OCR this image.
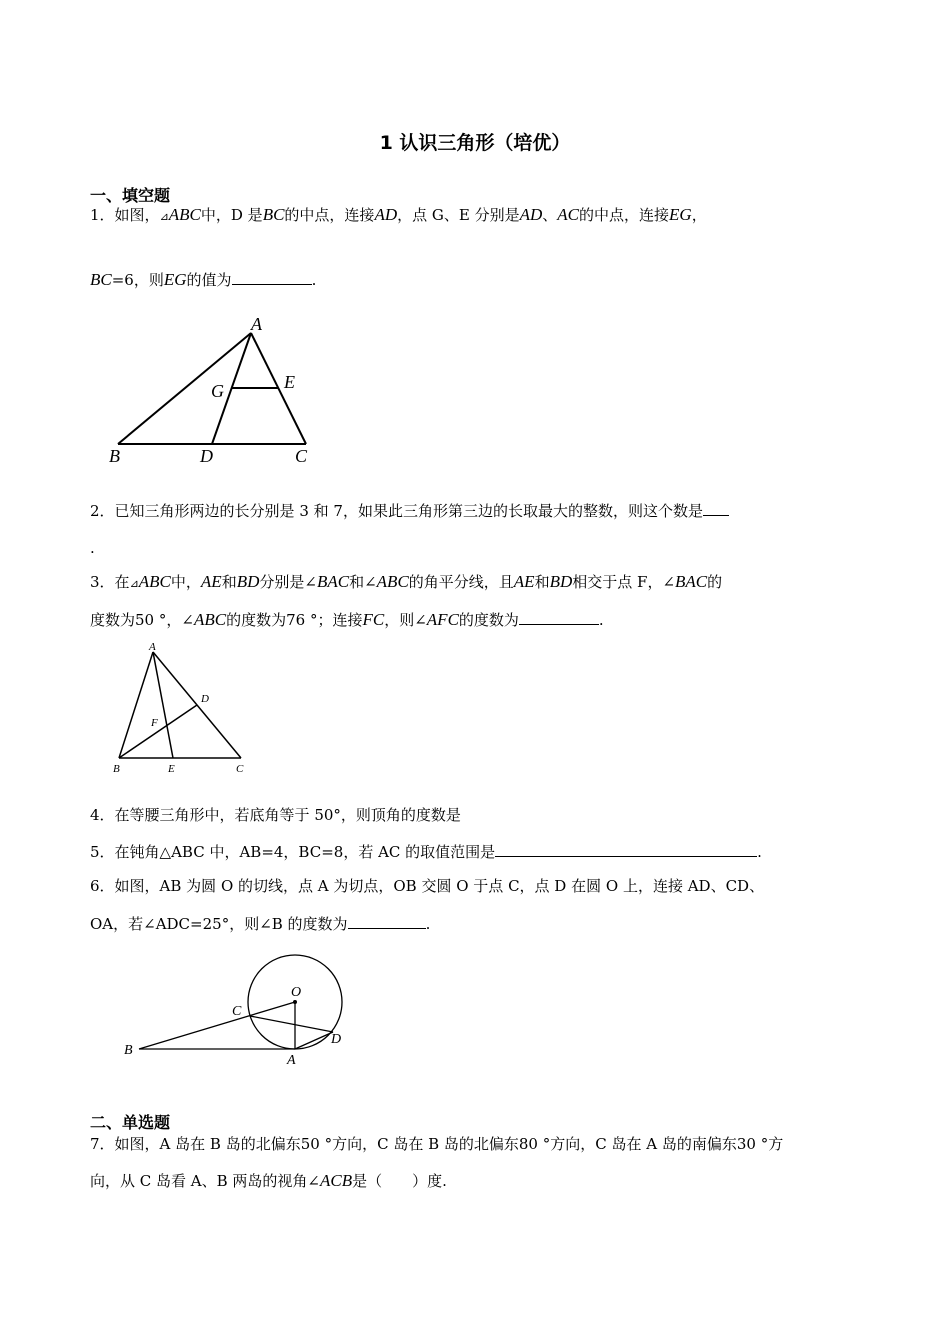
1 认识三角形（培优）
一、填空题
1．如图，⊿ABC中，D 是BC的中点，连接AD，点 G、E 分别是AD、AC的中点，连接EG，
BC=6，则EG的值为	.
A
B	D	C
G	E
2．已知三角形两边的长分别是 3 和 7，如果此三角形第三边的长取最大的整数，则这个数是
.
3．在⊿ABC中，AE和BD分别是∠BAC和∠ABC的角平分线，且AE和BD相交于点 F，∠BAC的
度数为50 °，∠ABC的度数为76 °；连接FC，则∠AFC的度数为	.
A
B	E	C
D
F
4．在等腰三角形中，若底角等于 50°，则顶角的度数是
5．在钝角△ABC 中，AB=4，BC=8，若 AC 的取值范围是	.
6．如图，AB 为圆 O 的切线，点 A 为切点，OB 交圆 O 于点 C，点 D 在圆 O 上，连接 AD、CD、
OA，若∠ADC=25°，则∠B 的度数为	.
O
C
D
B
A
二、单选题
7．如图，A 岛在 B 岛的北偏东50 °方向，C 岛在 B 岛的北偏东80 °方向，C 岛在 A 岛的南偏东30 °方
向，从 C 岛看 A、B 两岛的视角∠ACB是（　　）度.
